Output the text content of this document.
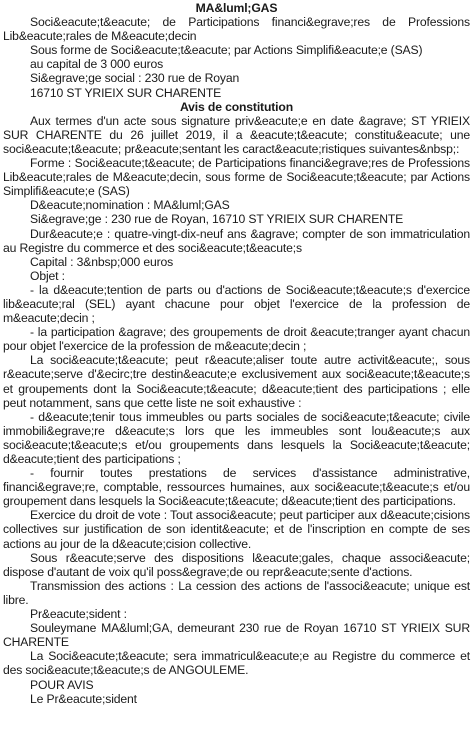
MA&luml;GAS

Soci&eacute;t&eacute; de Participations financi&egrave;res de Professions Lib&eacute;rales de M&eacute;decin

Sous forme de Soci&eacute;t&eacute; par Actions Simplifi&eacute;e (SAS)

au capital de 3 000 euros

Si&egrave;ge social : 230 rue de Royan

16710 ST YRIEIX SUR CHARENTE

Avis de constitution

Aux termes d'un acte sous signature priv&eacute;e en date &agrave; ST YRIEIX SUR CHARENTE du 26 juillet 2019, il a &eacute;t&eacute; constitu&eacute; une soci&eacute;t&eacute; pr&eacute;sentant les caract&eacute;ristiques suivantes&nbsp;:

Forme : Soci&eacute;t&eacute; de Participations financi&egrave;res de Professions Lib&eacute;rales de M&eacute;decin, sous forme de Soci&eacute;t&eacute; par Actions Simplifi&eacute;e (SAS)

D&eacute;nomination : MA&luml;GAS

Si&egrave;ge : 230 rue de Royan, 16710 ST YRIEIX SUR CHARENTE

Dur&eacute;e : quatre-vingt-dix-neuf ans &agrave; compter de son immatriculation au Registre du commerce et des soci&eacute;t&eacute;s

Capital : 3&nbsp;000 euros

Objet :

- la d&eacute;tention de parts ou d'actions de Soci&eacute;t&eacute;s d'exercice lib&eacute;ral (SEL) ayant chacune pour objet l'exercice de la profession de m&eacute;decin ;

- la participation &agrave; des groupements de droit &eacute;tranger ayant chacun pour objet l'exercice de la profession de m&eacute;decin ;

La soci&eacute;t&eacute; peut r&eacute;aliser toute autre activit&eacute;, sous r&eacute;serve d'&ecirc;tre destin&eacute;e exclusivement aux soci&eacute;t&eacute;s et groupements dont la Soci&eacute;t&eacute; d&eacute;tient des participations ; elle peut notamment, sans que cette liste ne soit exhaustive :

- d&eacute;tenir tous immeubles ou parts sociales de soci&eacute;t&eacute; civile immobili&egrave;re d&eacute;s lors que les immeubles sont lou&eacute;s aux soci&eacute;t&eacute;s et/ou groupements dans lesquels la Soci&eacute;t&eacute; d&eacute;tient des participations ;

- fournir toutes prestations de services d'assistance administrative, financi&egrave;re, comptable, ressources humaines, aux soci&eacute;t&eacute;s et/ou groupement dans lesquels la Soci&eacute;t&eacute; d&eacute;tient des participations.

Exercice du droit de vote : Tout associ&eacute; peut participer aux d&eacute;cisions collectives sur justification de son identit&eacute; et de l'inscription en compte de ses actions au jour de la d&eacute;cision collective.

Sous r&eacute;serve des dispositions l&eacute;gales, chaque associ&eacute; dispose d'autant de voix qu'il poss&egrave;de ou repr&eacute;sente d'actions.

Transmission des actions : La cession des actions de l'associ&eacute; unique est libre.

Pr&eacute;sident :

Souleymane MA&luml;GA, demeurant 230 rue de Royan 16710 ST YRIEIX SUR CHARENTE

La Soci&eacute;t&eacute; sera immatricul&eacute;e au Registre du commerce et des soci&eacute;t&eacute;s de ANGOULEME.

POUR AVIS

Le Pr&eacute;sident
